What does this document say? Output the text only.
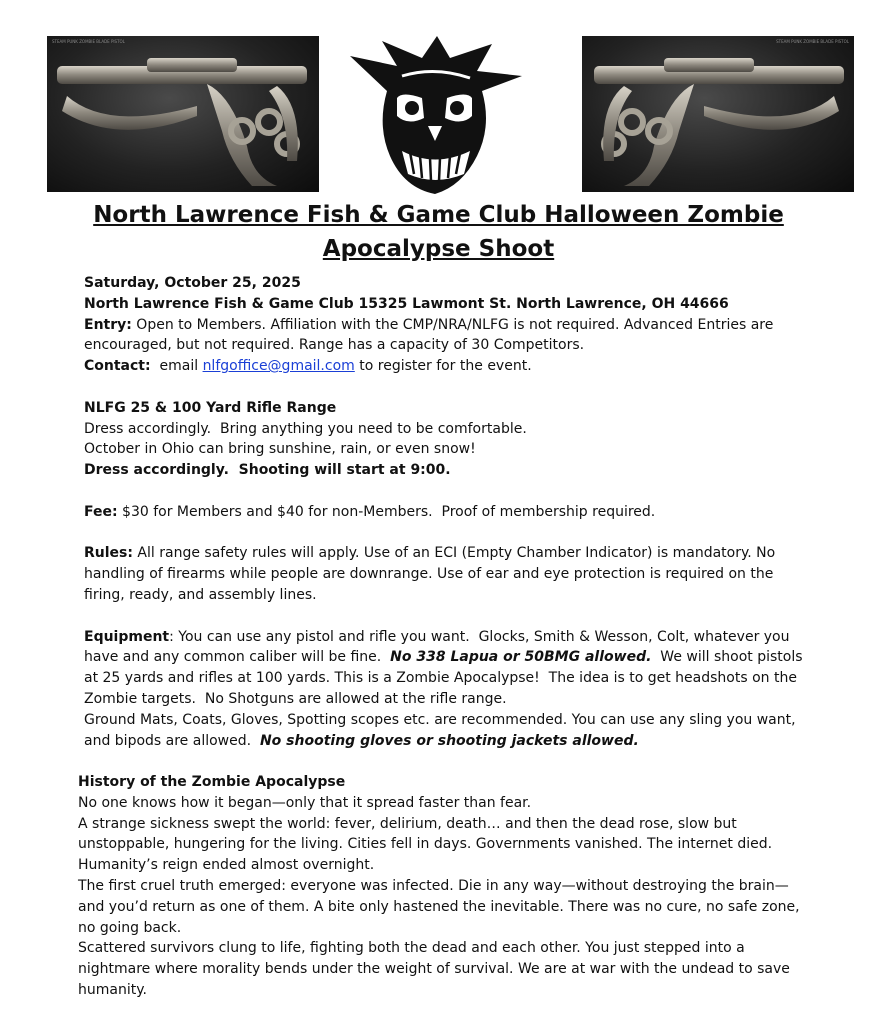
STEAM PUNK ZOMBIE BLADE PISTOL	STEAM PUNK ZOMBIE BLADE PISTOL
North Lawrence Fish & Game Club Halloween Zombie
Apocalypse Shoot

Saturday, October 25, 2025

North Lawrence Fish & Game Club 15325 Lawmont St. North Lawrence, OH 44666

Entry: Open to Members. Affiliation with the CMP/NRA/NLFG is not required. Advanced Entries are encouraged, but not required. Range has a capacity of 30 Competitors.

Contact:  email nlfgoffice@gmail.com to register for the event.

NLFG 25 & 100 Yard Rifle Range

Dress accordingly.  Bring anything you need to be comfortable.

October in Ohio can bring sunshine, rain, or even snow!

Dress accordingly.  Shooting will start at 9:00.

Fee: $30 for Members and $40 for non-Members.  Proof of membership required.

Rules: All range safety rules will apply. Use of an ECI (Empty Chamber Indicator) is mandatory. No handling of firearms while people are downrange. Use of ear and eye protection is required on the firing, ready, and assembly lines.

Equipment: You can use any pistol and rifle you want.  Glocks, Smith & Wesson, Colt, whatever you have and any common caliber will be fine.  No 338 Lapua or 50BMG allowed.  We will shoot pistols at 25 yards and rifles at 100 yards. This is a Zombie Apocalypse!  The idea is to get headshots on the Zombie targets.  No Shotguns are allowed at the rifle range.

Ground Mats, Coats, Gloves, Spotting scopes etc. are recommended. You can use any sling you want, and bipods are allowed.  No shooting gloves or shooting jackets allowed.

History of the Zombie Apocalypse

No one knows how it began—only that it spread faster than fear.

A strange sickness swept the world: fever, delirium, death… and then the dead rose, slow but unstoppable, hungering for the living. Cities fell in days. Governments vanished. The internet died. Humanity’s reign ended almost overnight.

The first cruel truth emerged: everyone was infected. Die in any way—without destroying the brain—and you’d return as one of them. A bite only hastened the inevitable. There was no cure, no safe zone, no going back.

Scattered survivors clung to life, fighting both the dead and each other. You just stepped into a nightmare where morality bends under the weight of survival. We are at war with the undead to save humanity.
